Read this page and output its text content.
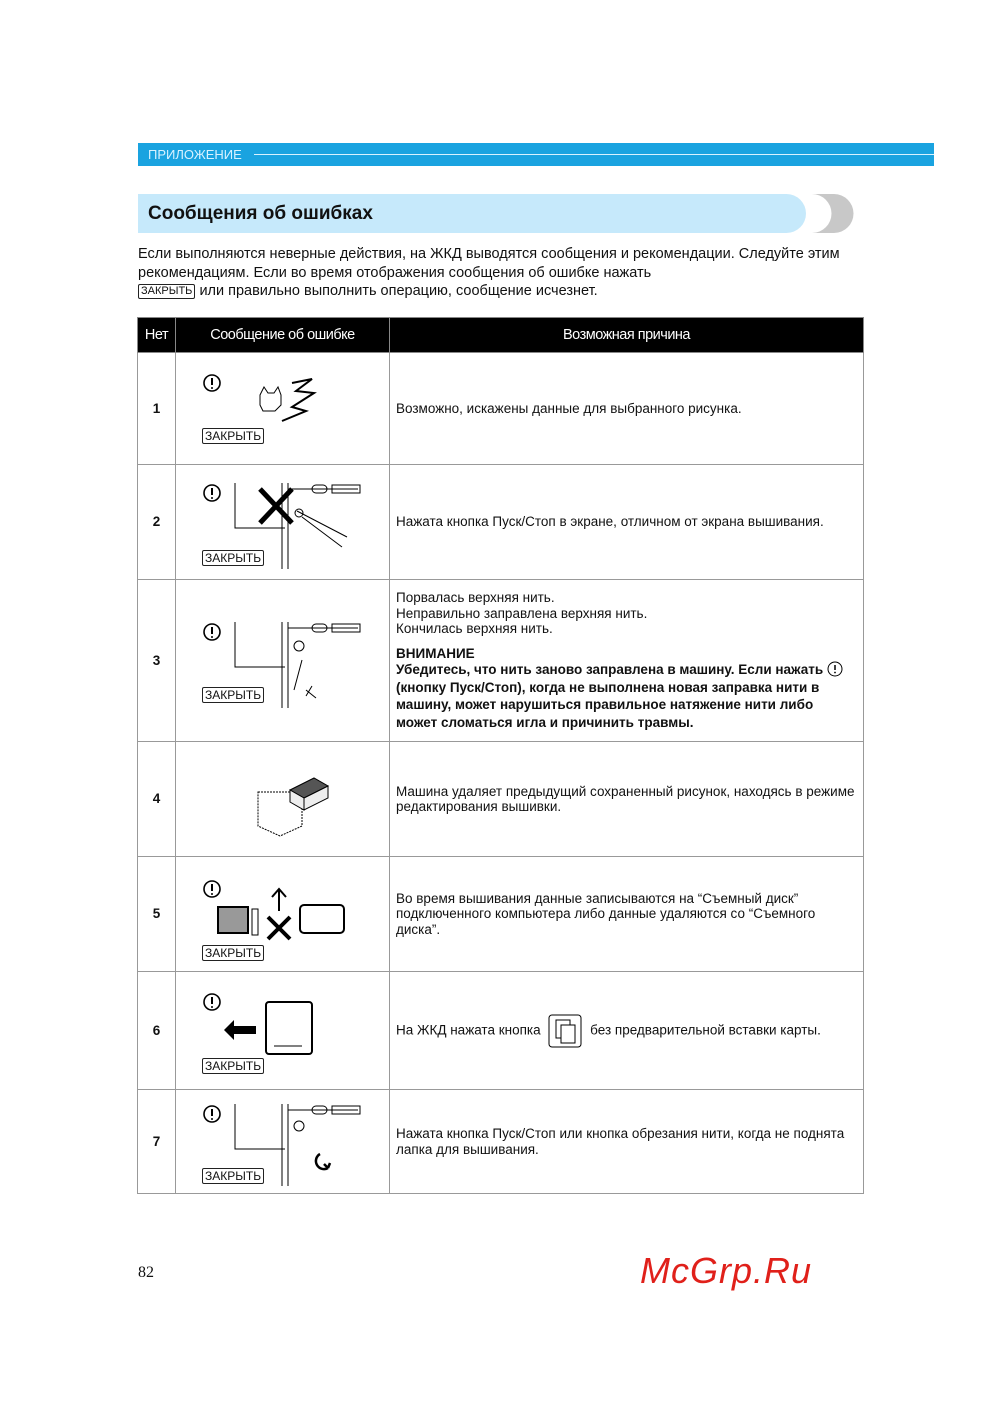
ПРИЛОЖЕНИЕ
Сообщения об ошибках
Если выполняются неверные действия, на ЖКД выводятся сообщения и рекомендации. Следуйте этим рекомендациям. Если во время отображения сообщения об ошибке нажать
ЗАКРЫТЬ или правильно выполнить операцию, сообщение исчезнет.
Нет	Сообщение об ошибке	Возможная причина
1	ЗАКРЫТЬ	Возможно, искажены данные для выбранного рисунка.
2	ЗАКРЫТЬ	Нажата кнопка Пуск/Стоп в экране, отличном от экрана вышивания.
3	ЗАКРЫТЬ	Порвалась верхняя нить.
Неправильно заправлена верхняя нить.
Кончилась верхняя нить.
ВНИМАНИЕ
Убедитесь, что нить заново заправлена в машину. Если нажать  (кнопку Пуск/Стоп), когда не выполнена новая заправка нити в машину, может нарушиться правильное натяжение нити либо может сломаться игла и причинить травмы.

4		Машина удаляет предыдущий сохраненный рисунок, находясь в режиме редактирования вышивки.
5	ЗАКРЫТЬ	Во время вышивания данные записываются на “Съемный диск” подключенного компьютера либо данные удаляются со “Съемного диска”.
6	ЗАКРЫТЬ	На ЖКД нажата кнопка без предварительной вставки карты.
7	ЗАКРЫТЬ	Нажата кнопка Пуск/Стоп или кнопка обрезания нити, когда не поднята лапка для вышивания.
McGrp.Ru
82
